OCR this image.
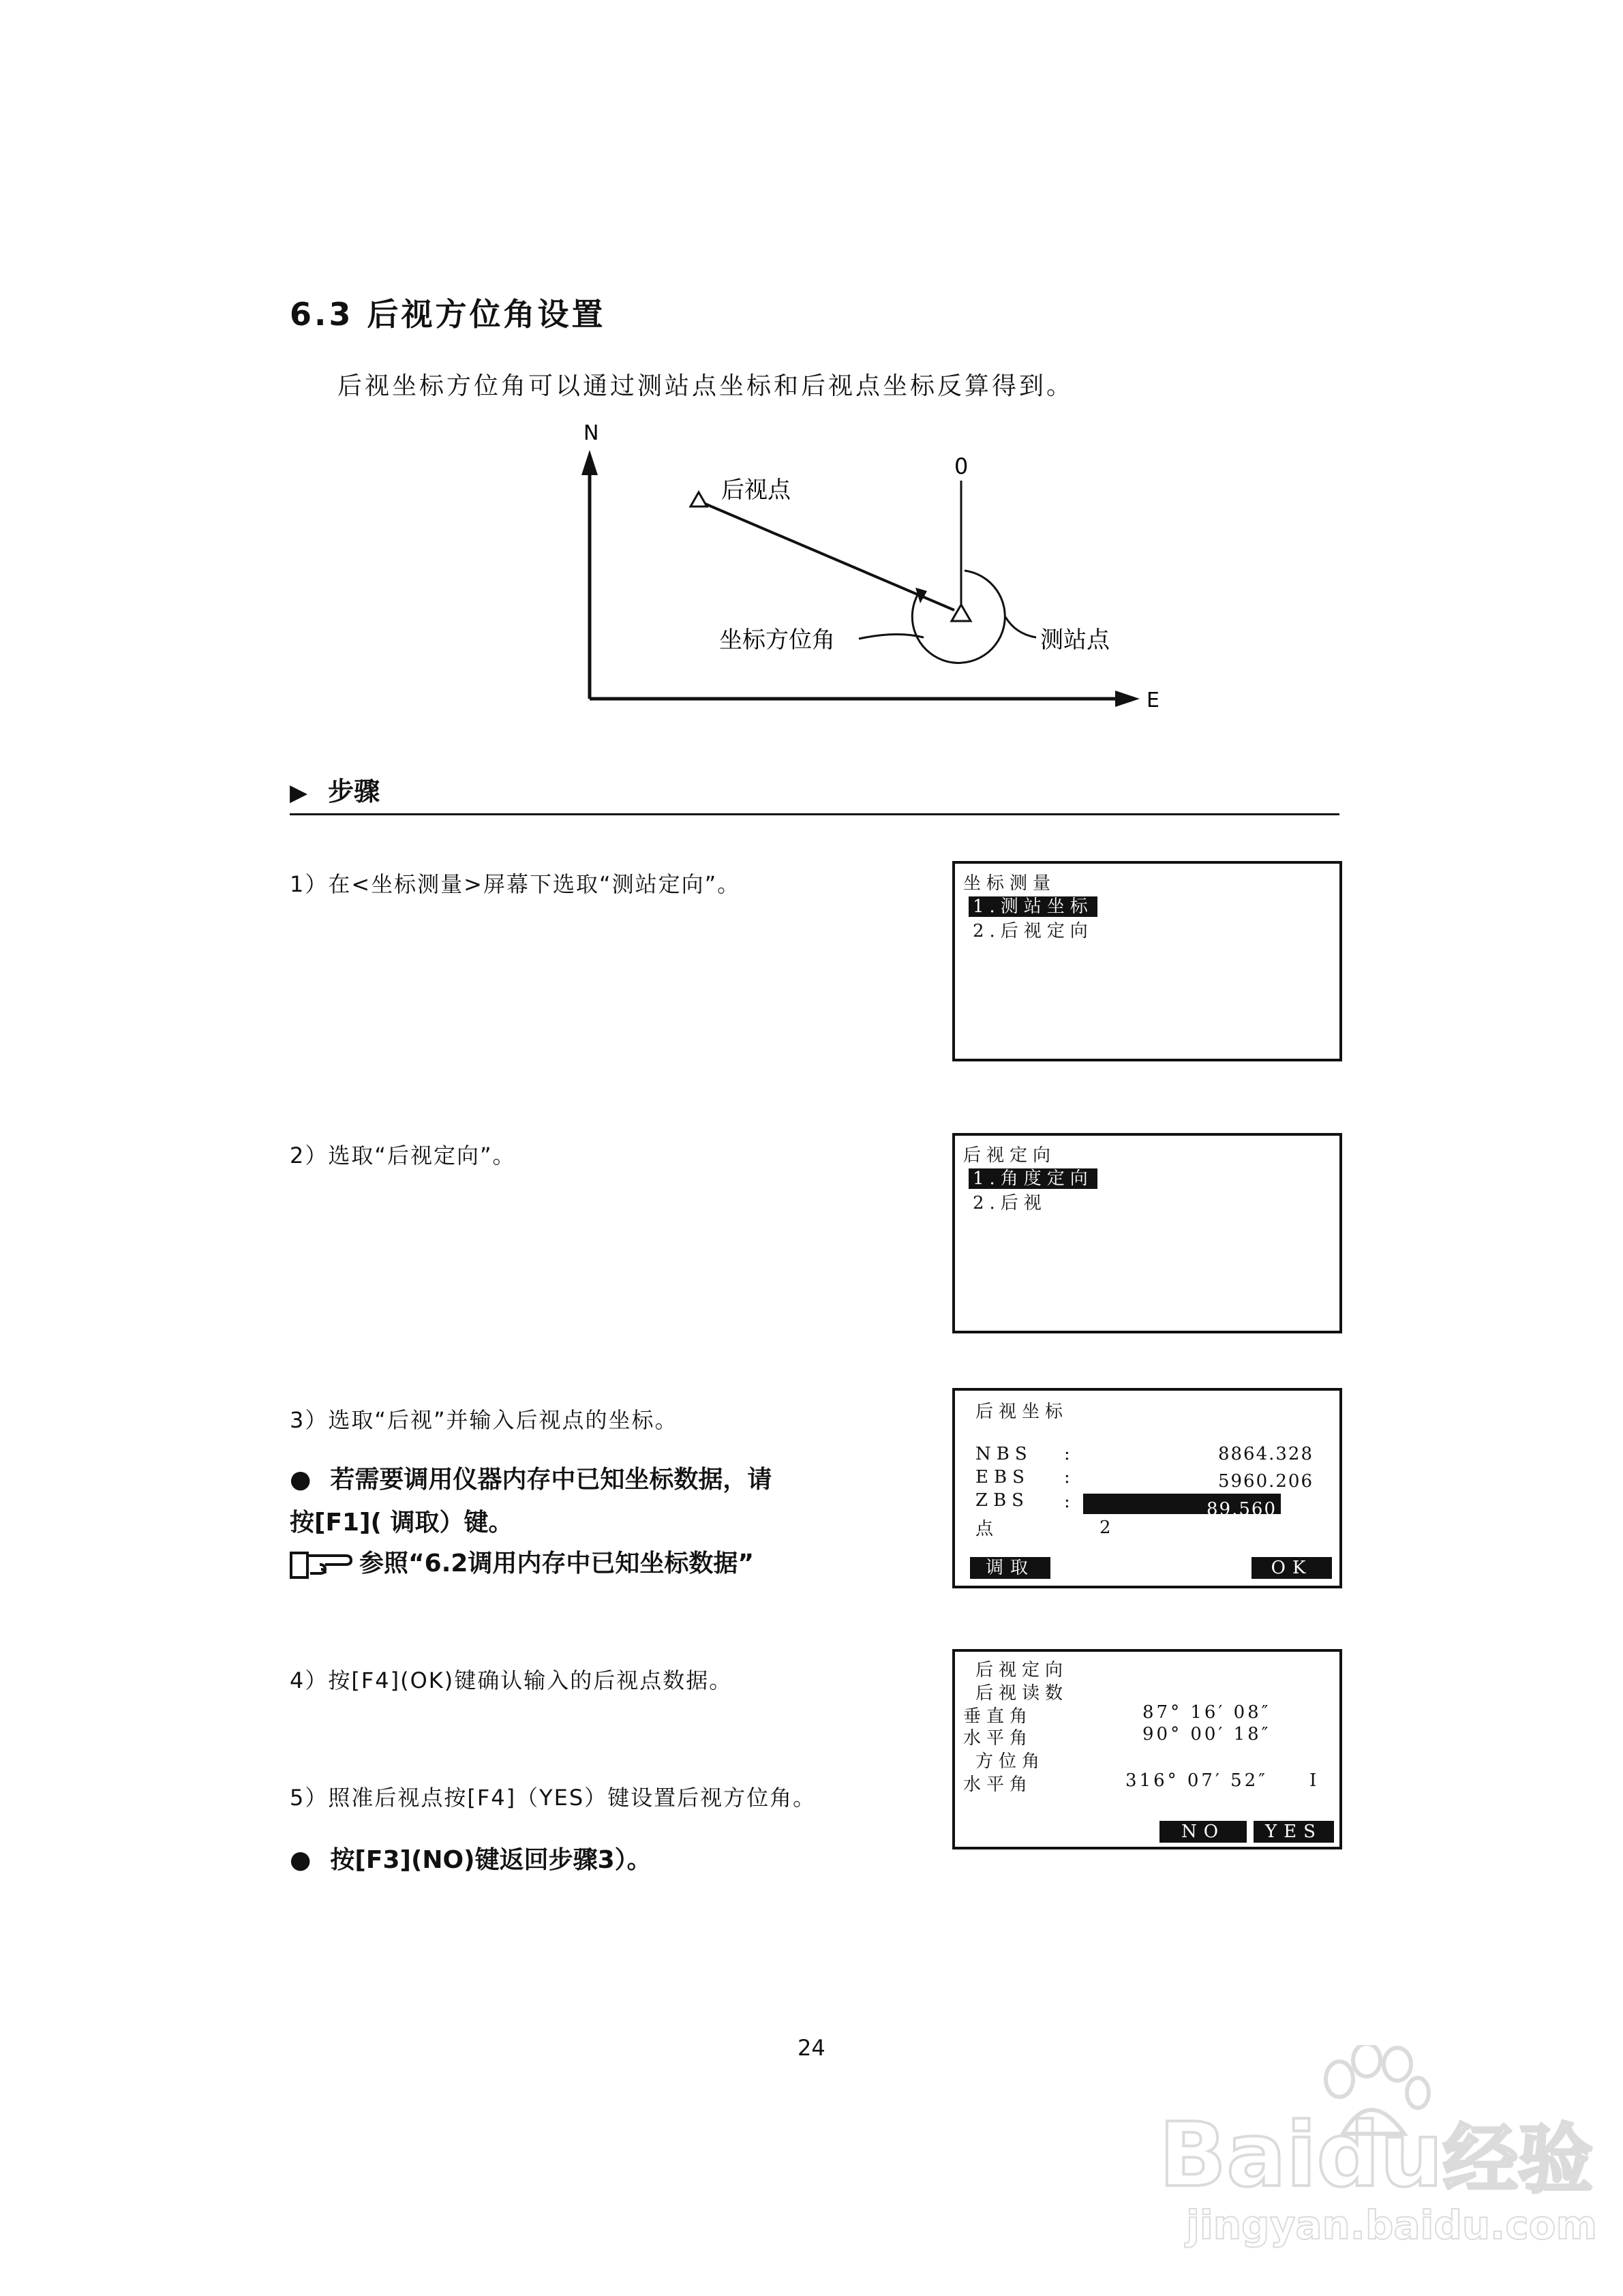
6.3 后视方位角设置
后视坐标方位角可以通过测站点坐标和后视点坐标反算得到。
N
E
0
后视点
坐标方位角	测站点
▶ 步骤
1）在<坐标测量>屏幕下选取“测站定向”。
2）选取“后视定向”。
3）选取“后视”并输入后视点的坐标。
● 若需要调用仪器内存中已知坐标数据，请
按[F1]( 调取）键。
参照“6.2调用内存中已知坐标数据”
4）按[F4](OK)键确认输入的后视点数据。
5）照准后视点按[F4]（YES）键设置后视方位角。
● 按[F3](NO)键返回步骤3）。
坐标测量
1.测站坐标
2.后视定向
后视定向
1.角度定向
2.后视
后视坐标
NBS :	8864.328
EBS :	5960.206
ZBS :	89.560
点	2
调取	OK
后视定向
后视读数
垂直角	87° 16′ 08″
水平角	90° 00′ 18″
方位角
水平角	316° 07′ 52″ I
NO	YES
24
Baidu经验
jingyan.baidu.com
